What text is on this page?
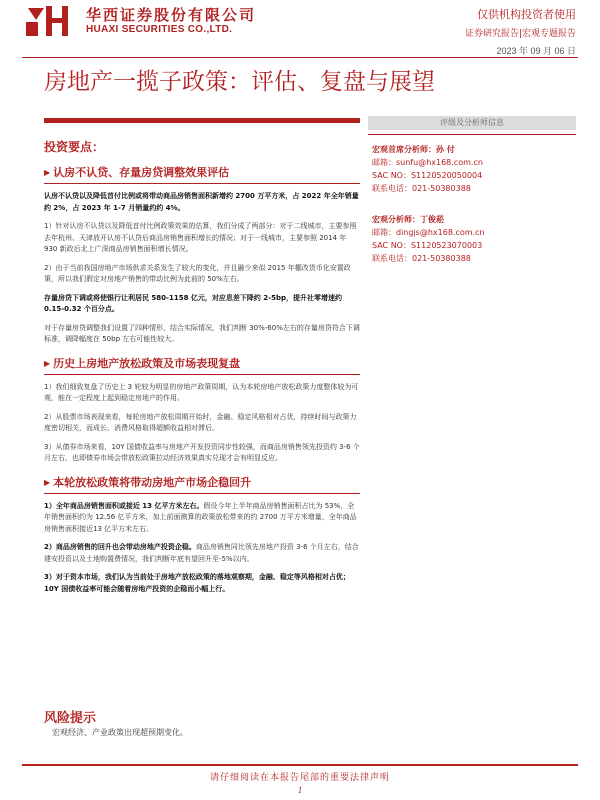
华西证券股份有限公司
HUAXI SECURITIES CO.,LTD.
仅供机构投资者使用
证券研究报告|宏观专题报告
2023 年 09 月 06 日
房地产一揽子政策：评估、复盘与展望
评级及分析师信息
宏观首席分析师：孙 付
邮箱：sunfu@hx168.com.cn
SAC NO：S1120520050004
联系电话：021-50380388
宏观分析师：丁俊菘
邮箱：dingjs@hx168.com.cn
SAC NO：S1120523070003
联系电话：021-50380388
投资要点：
▶ 认房不认贷、存量房贷调整效果评估
认房不认贷以及降低首付比例或将带动商品房销售面积新增约 2700 万平方米，占 2022 年全年销量约 2%，占 2023 年 1-7 月销量约约 4%。
1）针对认房不认贷以及降低首付比例政策效果的估算，我们分成了两部分：对于二线城市，主要参照去年杭州、天津放开认房不认贷后商品房销售面积增长的情况；对于一线城市，主要参照 2014 年 930 新政后北上广深商品房销售面积增长情况。
2）由于当前我国房地产市场供求关系发生了较大的变化，并且融少来似 2015 年棚改货币化安置政策，所以我们假定对房地产销售的带动比例为此前的 50%左右。
存量房贷下调或将使银行让利居民 580-1158 亿元，对应息差下降约 2-5bp，提升社零增速约 0.15-0.32 个百分点。
对于存量房贷调整我们设置了四种情形，结合实际情况，我们判断 30%-60%左右的存量房贷符合下调标准，调降幅度在 50bp 左右可能性较大。
▶ 历史上房地产放松政策及市场表现复盘
1）我们细致复盘了历史上 3 轮较为明显的房地产政策周期，认为本轮房地产放松政策力度整体较为可观，能在一定程度上起到稳定房地产的作用。
2）从股票市场表现来看，每轮房地产放松周期开始时，金融、稳定风格相对占优，持续时间与政策力度密切相关，而成长、消费风格取得超额收益相对滞后。
3）从债券市场来看，10Y 国债收益率与房地产开发投资同步性较强，而商品房销售领先投资约 3-6 个月左右，也即债券市场会带放松政策拉动经济效果真实兑现才会有明显反应。
▶ 本轮放松政策将带动房地产市场企稳回升
1）全年商品房销售面积或接近 13 亿平方米左右。假设今年上半年商品房销售面积占比为 53%，全年销售面积约为 12.56 亿平方米，加上前面测算的政策放松带来的约 2700 万平方米增量，全年商品房销售面积接近13 亿平方米左右。
2）商品房销售的回升也会带动房地产投资企稳。商品房销售同比领先房地产投资 3-6 个月左右，结合建安投资以及土地购置费情况，我们判断年底有望回升至-5%以内。
3）对于资本市场，我们认为当前处于房地产放松政策的落地观察期，金融、稳定等风格相对占优；10Y 国债收益率可能会随着房地产投资的企稳而小幅上行。
风险提示
宏观经济、产业政策出现超预期变化。
请仔细阅读在本报告尾部的重要法律声明
1
